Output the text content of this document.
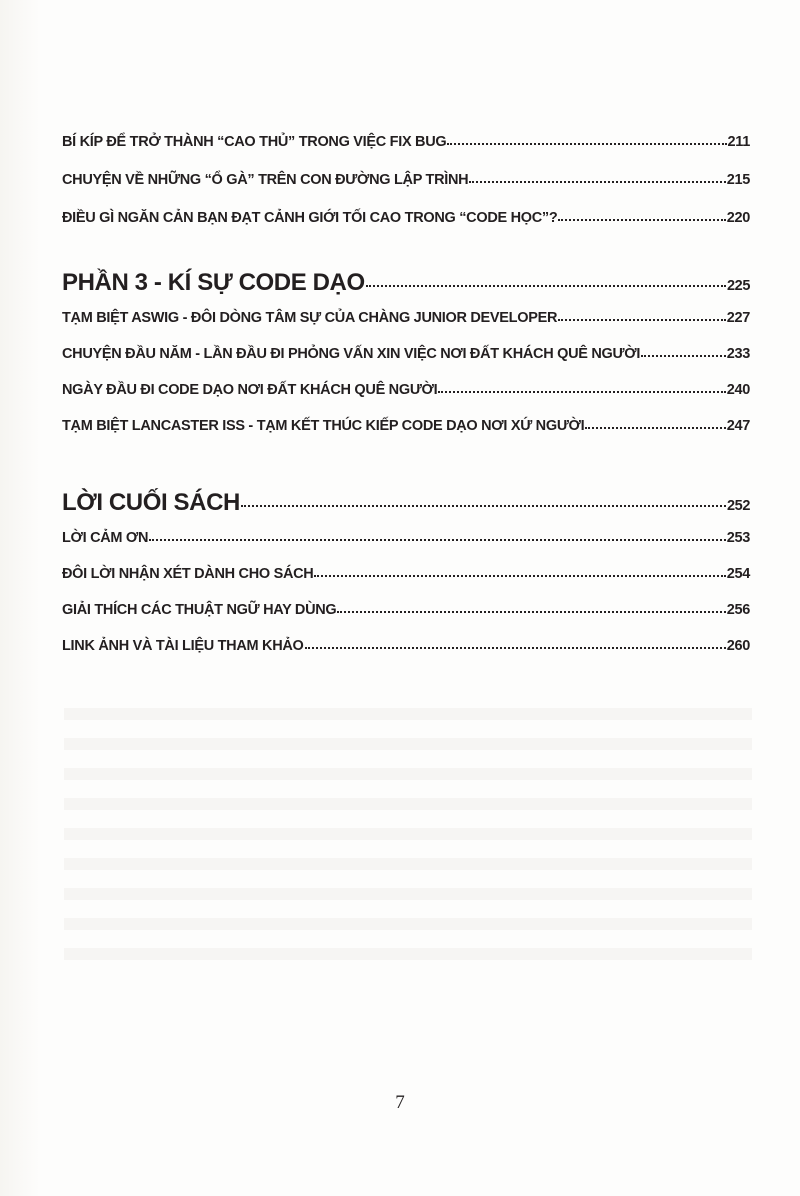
BÍ KÍP ĐỂ TRỞ THÀNH “CAO THỦ” TRONG VIỆC FIX BUG	211
CHUYỆN VỀ NHỮNG “Ổ GÀ” TRÊN CON ĐƯỜNG LẬP TRÌNH	215
ĐIỀU GÌ NGĂN CẢN BẠN ĐẠT CẢNH GIỚI TỐI CAO TRONG “CODE HỌC”?	220
PHẦN 3 - KÍ SỰ CODE DẠO	225
TẠM BIỆT ASWIG - ĐÔI DÒNG TÂM SỰ CỦA CHÀNG JUNIOR DEVELOPER	227
CHUYỆN ĐẦU NĂM - LẦN ĐẦU ĐI PHỎNG VẤN XIN VIỆC NƠI ĐẤT KHÁCH QUÊ NGƯỜI	233
NGÀY ĐẦU ĐI CODE DẠO NƠI ĐẤT KHÁCH QUÊ NGƯỜI	240
TẠM BIỆT LANCASTER ISS - TẠM KẾT THÚC KIẾP CODE DẠO NƠI XỨ NGƯỜI	247
LỜI CUỐI SÁCH	252
LỜI CẢM ƠN	253
ĐÔI LỜI NHẬN XÉT DÀNH CHO SÁCH	254
GIẢI THÍCH CÁC THUẬT NGỮ HAY DÙNG	256
LINK ẢNH VÀ TÀI LIỆU THAM KHẢO	260
7
